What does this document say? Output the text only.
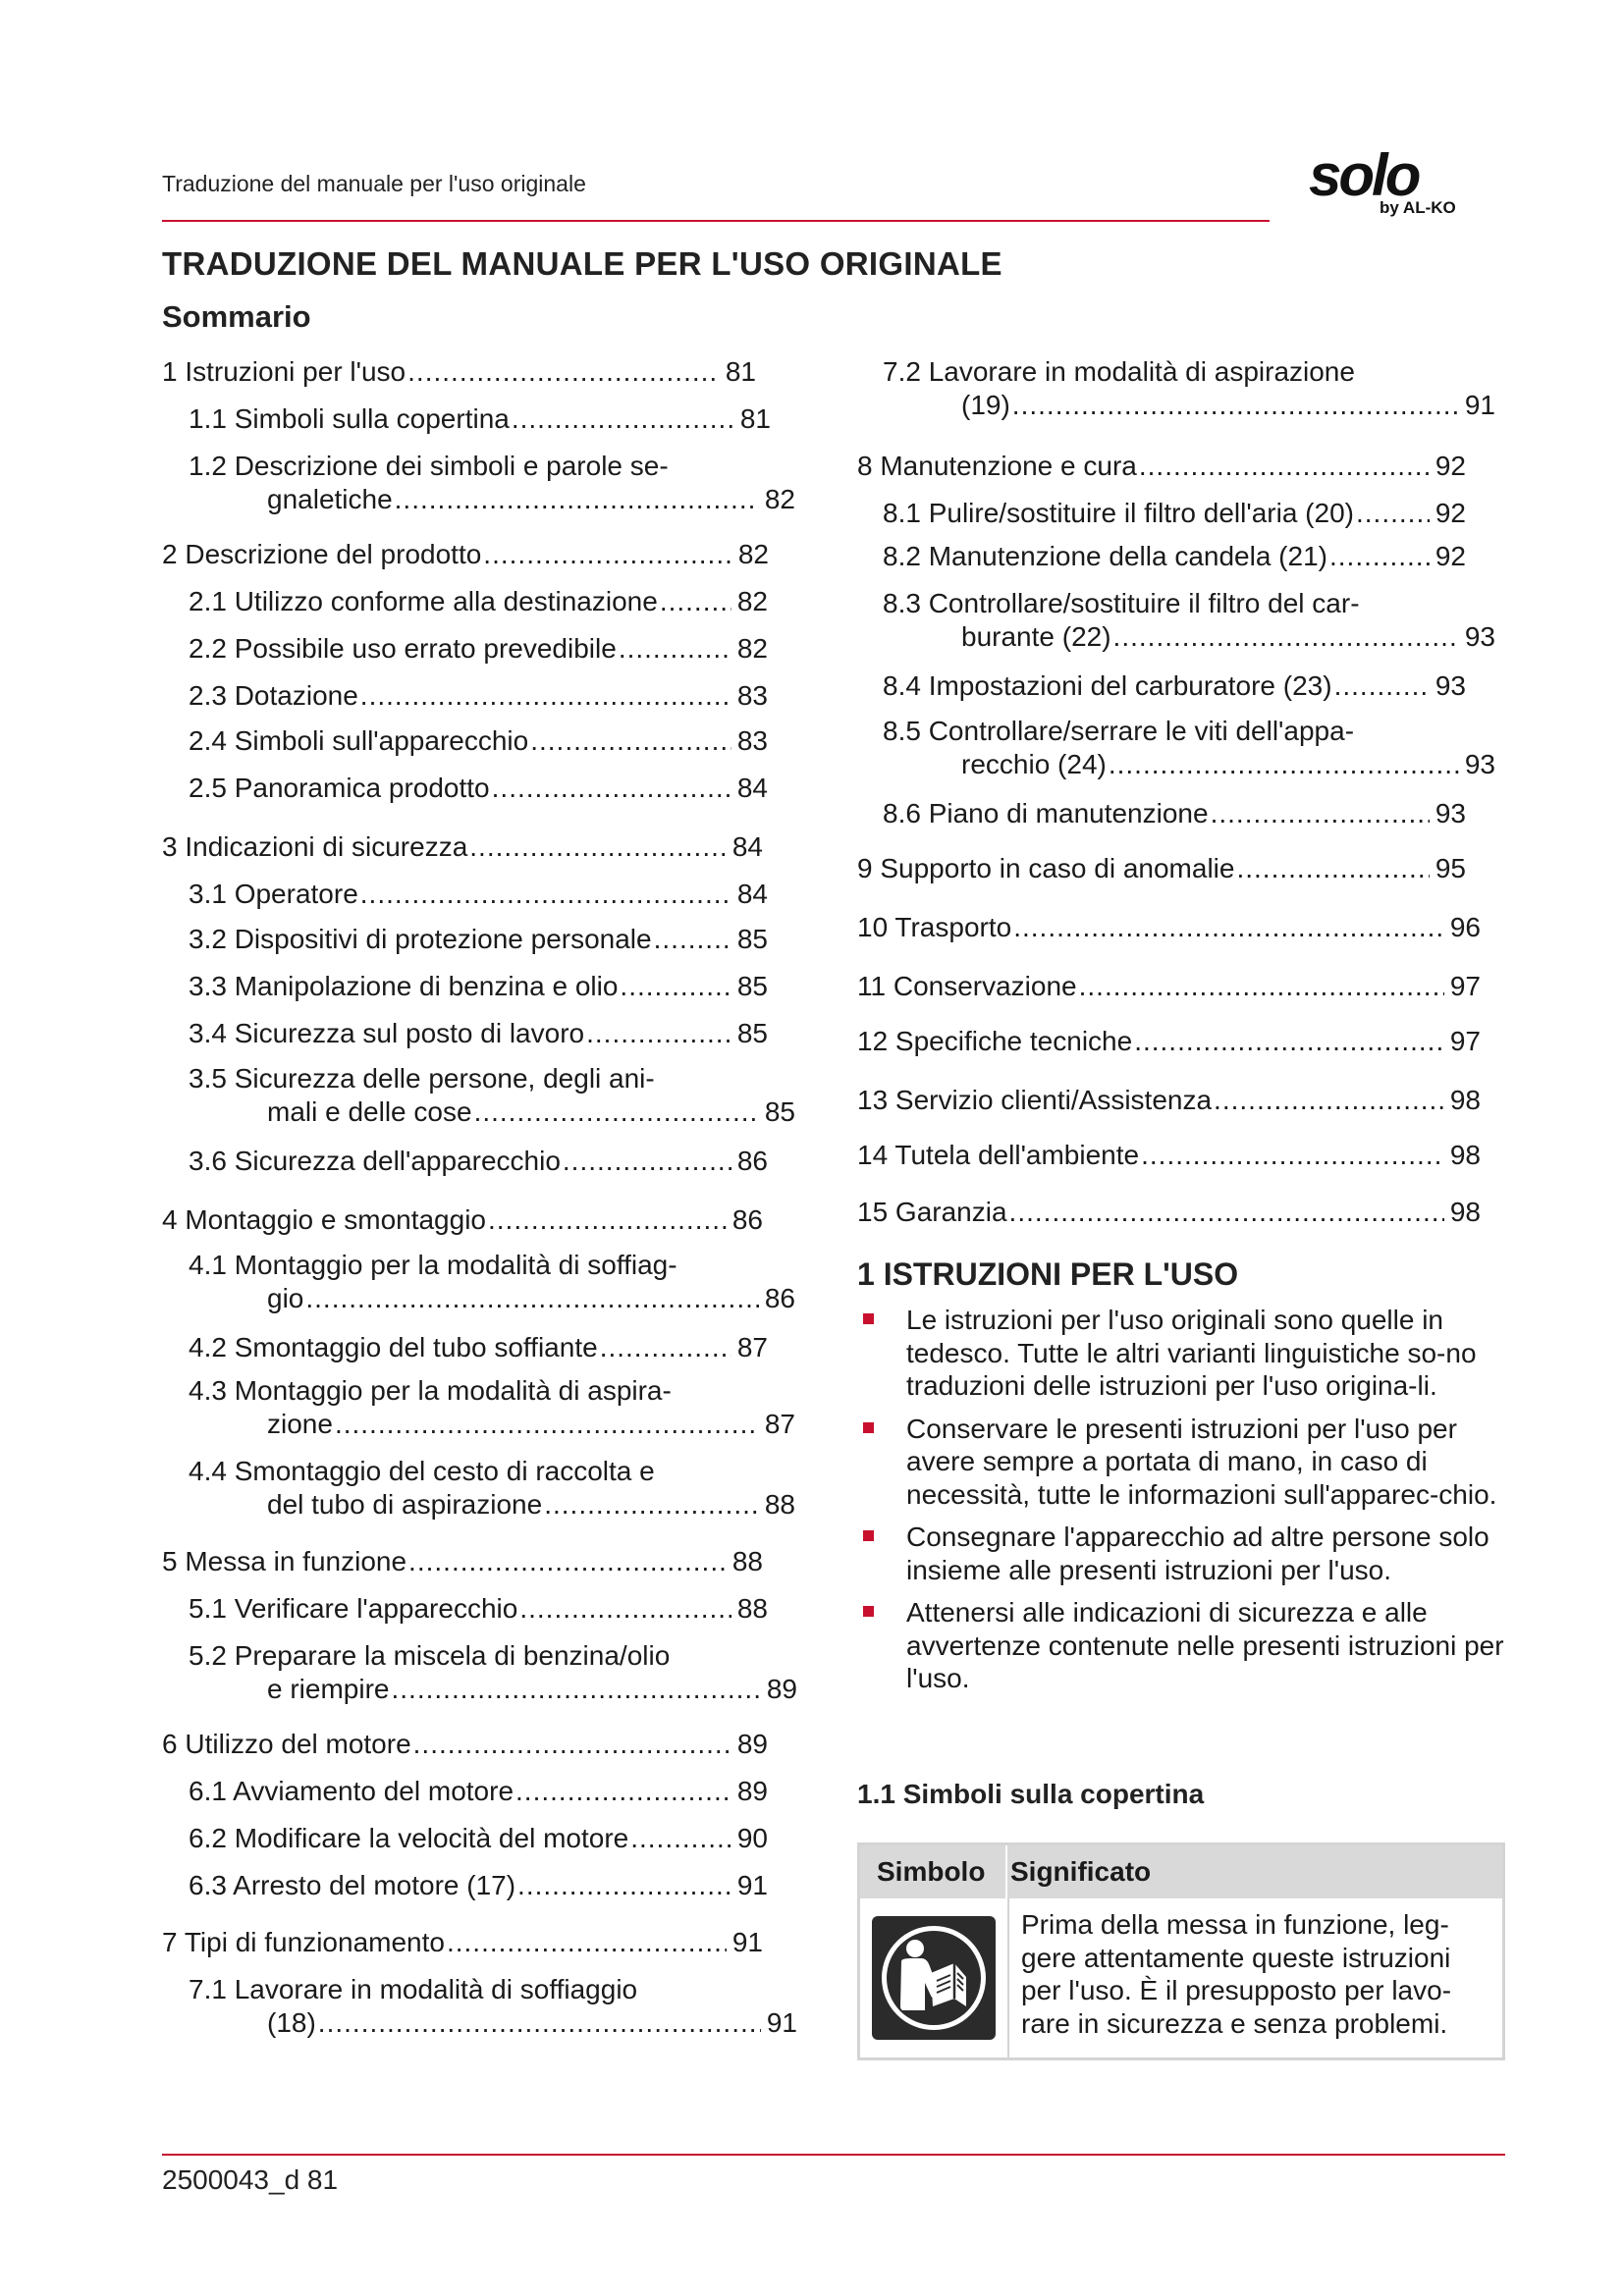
Traduzione del manuale per l'uso originale	solo
by AL-KO
TRADUZIONE DEL MANUALE PER L'USO ORIGINALE
Sommario
1 Istruzioni per l'uso .....	81
1.1 Simboli sulla copertina .....	81
1.2 Descrizione dei simboli e parole se-
gnaletiche .....	82
2 Descrizione del prodotto .....	82
2.1 Utilizzo conforme alla destinazione .....	82
2.2 Possibile uso errato prevedibile .....	82
2.3 Dotazione .....	83
2.4 Simboli sull'apparecchio .....	83
2.5 Panoramica prodotto .....	84
3 Indicazioni di sicurezza .....	84
3.1 Operatore .....	84
3.2 Dispositivi di protezione personale .....	85
3.3 Manipolazione di benzina e olio .....	85
3.4 Sicurezza sul posto di lavoro .....	85
3.5 Sicurezza delle persone, degli ani-
mali e delle cose .....	85
3.6 Sicurezza dell'apparecchio .....	86
4 Montaggio e smontaggio .....	86
4.1 Montaggio per la modalità di soffiag-
gio .....	86
4.2 Smontaggio del tubo soffiante .....	87
4.3 Montaggio per la modalità di aspira-
zione .....	87
4.4 Smontaggio del cesto di raccolta e
del tubo di aspirazione .....	88
5 Messa in funzione .....	88
5.1 Verificare l'apparecchio .....	88
5.2 Preparare la miscela di benzina/olio
e riempire .....	89
6 Utilizzo del motore .....	89
6.1 Avviamento del motore .....	89
6.2 Modificare la velocità del motore .....	90
6.3 Arresto del motore (17) .....	91
7 Tipi di funzionamento .....	91
7.1 Lavorare in modalità di soffiaggio
(18) .....	91
7.2 Lavorare in modalità di aspirazione
(19) .....	91
8 Manutenzione e cura .....	92
8.1 Pulire/sostituire il filtro dell'aria (20) .....	92
8.2 Manutenzione della candela (21) .....	92
8.3 Controllare/sostituire il filtro del car-
burante (22) .....	93
8.4 Impostazioni del carburatore (23) .....	93
8.5 Controllare/serrare le viti dell'appa-
recchio (24) .....	93
8.6 Piano di manutenzione .....	93
9 Supporto in caso di anomalie .....	95
10 Trasporto .....	96
11 Conservazione .....	97
12 Specifiche tecniche .....	97
13 Servizio clienti/Assistenza .....	98
14 Tutela dell'ambiente .....	98
15 Garanzia .....	98
1 ISTRUZIONI PER L'USO
Le istruzioni per l'uso originali sono quelle in tedesco. Tutte le altri varianti linguistiche so-no traduzioni delle istruzioni per l'uso origina-li.
Conservare le presenti istruzioni per l'uso per avere sempre a portata di mano, in caso di necessità, tutte le informazioni sull'apparec-chio.
Consegnare l'apparecchio ad altre persone solo insieme alle presenti istruzioni per l'uso.
Attenersi alle indicazioni di sicurezza e alle avvertenze contenute nelle presenti istruzioni per l'uso.
1.1 Simboli sulla copertina
Simbolo Significato
Prima della messa in funzione, leg-gere attentamente queste istruzioni per l'uso. È il presupposto per lavo-rare in sicurezza e senza problemi.
2500043_d 81
